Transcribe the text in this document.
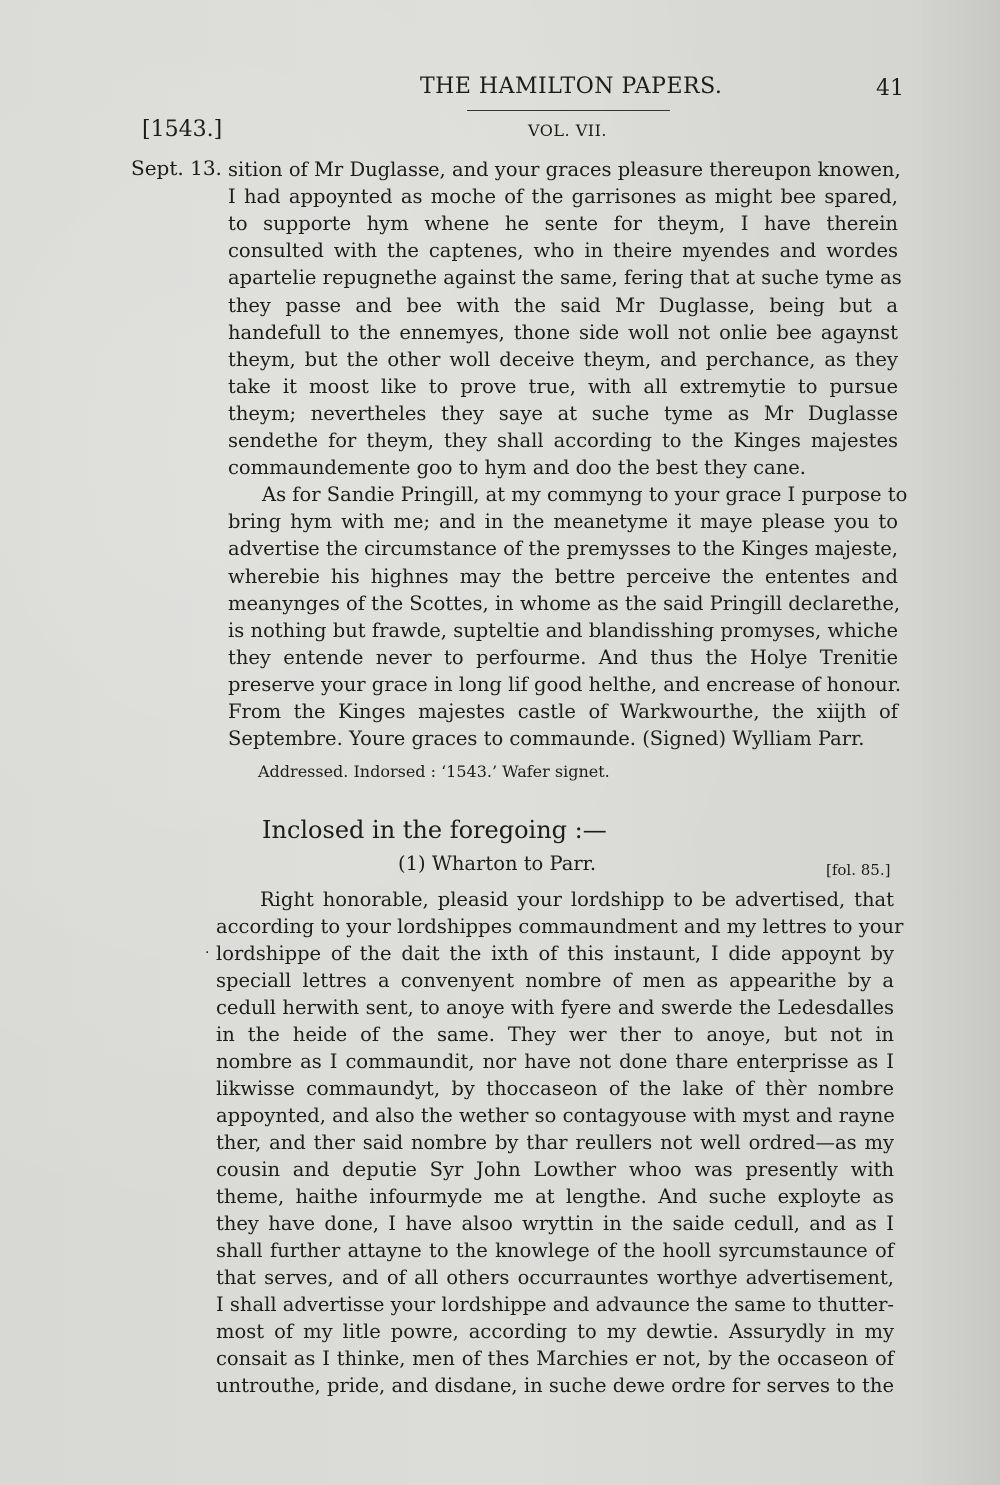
THE HAMILTON PAPERS.	41
[1543.]	VOL. VII.
Sept. 13. sition of Mr Duglasse, and your graces pleasure thereupon knowen,
I had appoynted as moche of the garrisones as might bee spared,
to supporte hym whene he sente for theym, I have therein
consulted with the captenes, who in theire myendes and wordes
apartelie repugnethe against the same, fering that at suche tyme as
they passe and bee with the said Mr Duglasse, being but a
handefull to the ennemyes, thone side woll not onlie bee agaynst
theym, but the other woll deceive theym, and perchance, as they
take it moost like to prove true, with all extremytie to pursue
theym; nevertheles they saye at suche tyme as Mr Duglasse
sendethe for theym, they shall according to the Kinges majestes
commaundemente goo to hym and doo the best they cane.
As for Sandie Pringill, at my commyng to your grace I purpose to
bring hym with me; and in the meanetyme it maye please you to
advertise the circumstance of the premysses to the Kinges majeste,
wherebie his highnes may the bettre perceive the ententes and
meanynges of the Scottes, in whome as the said Pringill declarethe,
is nothing but frawde, supteltie and blandisshing promyses, whiche
they entende never to perfourme. And thus the Holye Trenitie
preserve your grace in long lif good helthe, and encrease of honour.
From the Kinges majestes castle of Warkwourthe, the xiijth of
Septembre. Youre graces to commaunde. (Signed) Wylliam Parr.
Addressed. Indorsed : ‘1543.’ Wafer signet.
Inclosed in the foregoing :—
(1) Wharton to Parr.	[fol. 85.]
·
Right honorable, pleasid your lordshipp to be advertised, that
according to your lordshippes commaundment and my lettres to your
lordshippe of the dait the ixth of this instaunt, I dide appoynt by
speciall lettres a convenyent nombre of men as appearithe by a
cedull herwith sent, to anoye with fyere and swerde the Ledesdalles
in the heide of the same. They wer ther to anoye, but not in
nombre as I commaundit, nor have not done thare enterprisse as I
likwisse commaundyt, by thoccaseon of the lake of thèr nombre
appoynted, and also the wether so contagyouse with myst and rayne
ther, and ther said nombre by thar reullers not well ordred—as my
cousin and deputie Syr John Lowther whoo was presently with
theme, haithe infourmyde me at lengthe. And suche exployte as
they have done, I have alsoo wryttin in the saide cedull, and as I
shall further attayne to the knowlege of the hooll syrcumstaunce of
that serves, and of all others occurrauntes worthye advertisement,
I shall advertisse your lordshippe and advaunce the same to thutter-
most of my litle powre, according to my dewtie. Assurydly in my
consait as I thinke, men of thes Marchies er not, by the occaseon of
untrouthe, pride, and disdane, in suche dewe ordre for serves to the
